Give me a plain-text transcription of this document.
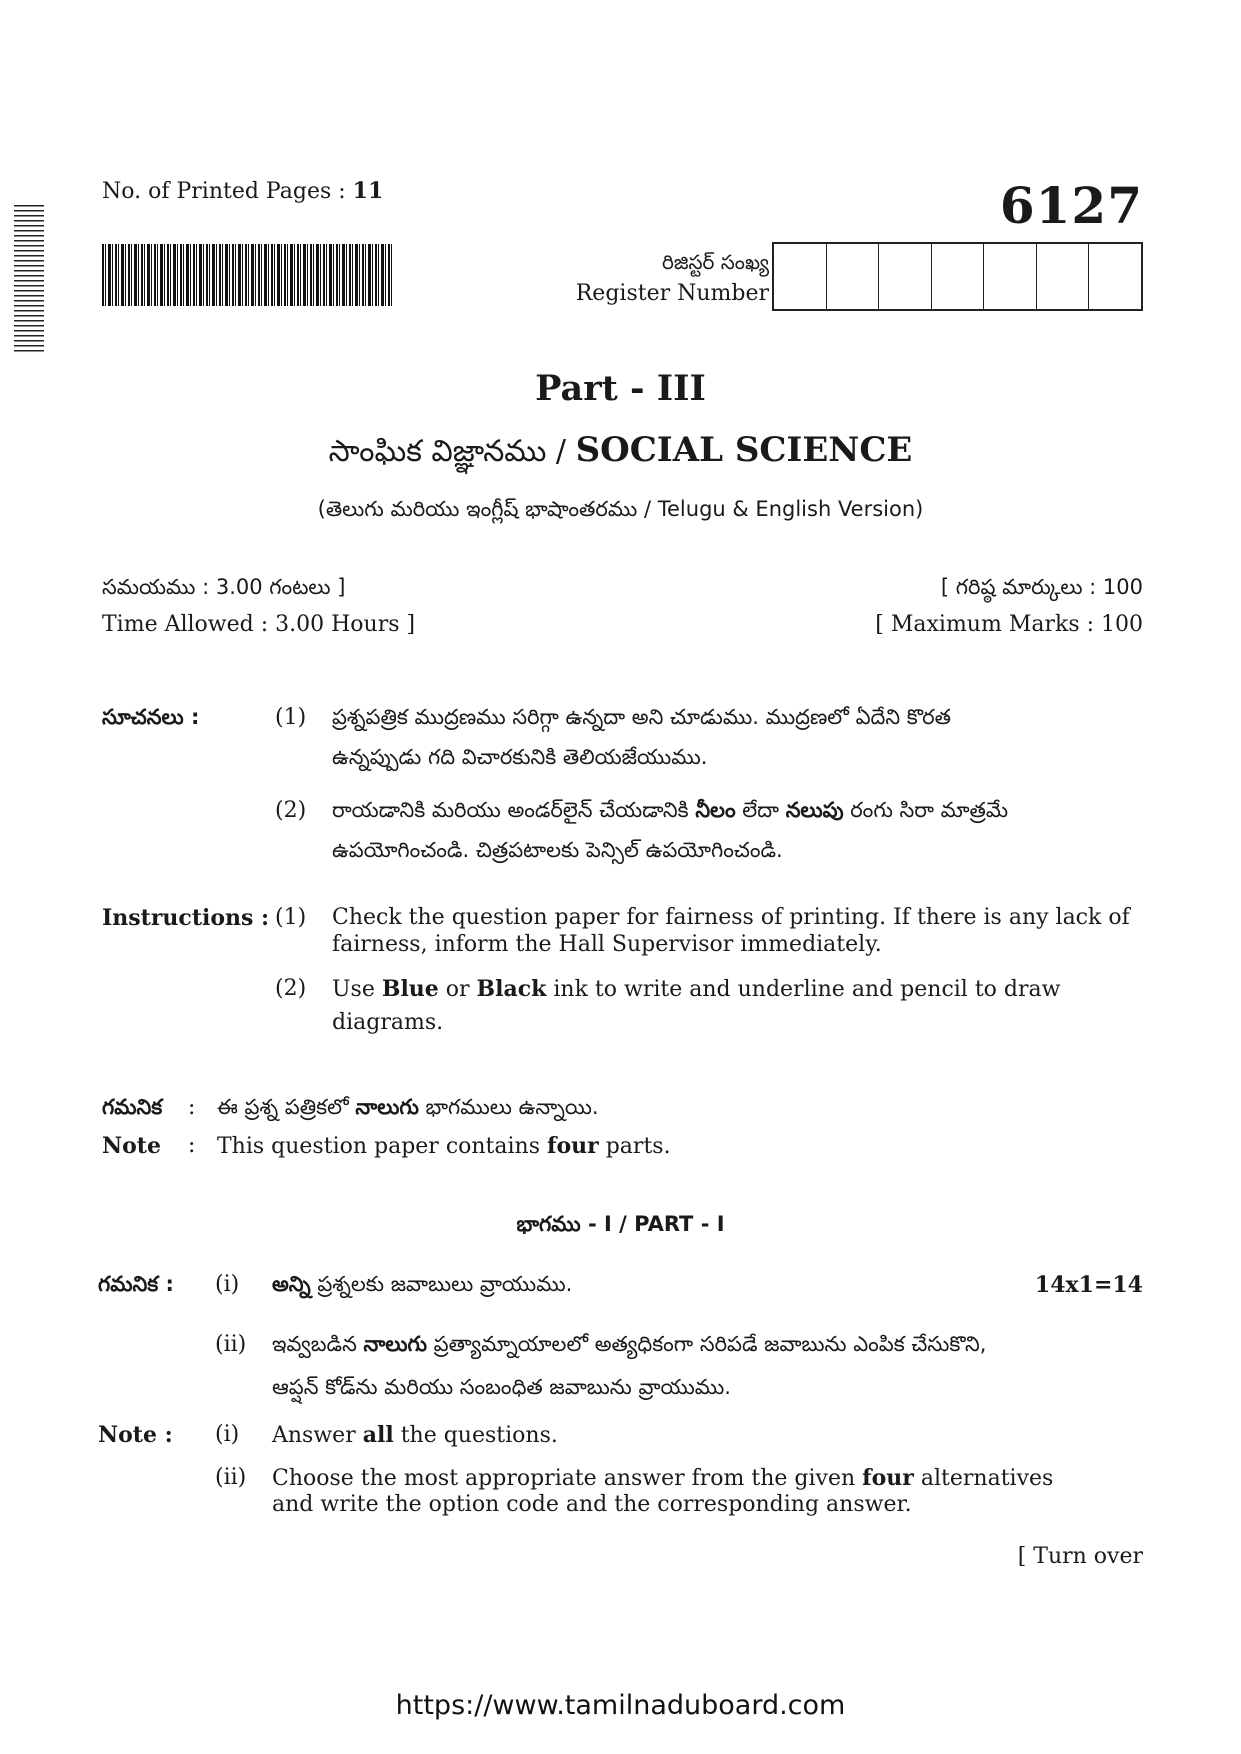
No. of Printed Pages : 11	6127
రిజిస్టర్ సంఖ్య
Register Number
Part - III
సాంఘిక విజ్ఞానము / SOCIAL SCIENCE
(తెలుగు మరియు ఇంగ్లీష్ భాషాంతరము / Telugu & English Version)
సమయము : 3.00 గంటలు ]
Time Allowed : 3.00 Hours ]
[ గరిష్ఠ మార్కులు : 100
[ Maximum Marks : 100
సూచనలు :	(1) ప్రశ్నపత్రిక ముద్రణము సరిగ్గా ఉన్నదా అని చూడుము. ముద్రణలో ఏదేని కొరత
ఉన్నప్పుడు గది విచారకునికి తెలియజేయుము.
(2) రాయడానికి మరియు అండర్‌లైన్ చేయడానికి నీలం లేదా నలుపు రంగు సిరా మాత్రమే
ఉపయోగించండి. చిత్రపటాలకు పెన్సిల్ ఉపయోగించండి.
Instructions : (1) Check the question paper for fairness of printing. If there is any lack of
fairness, inform the Hall Supervisor immediately.
(2) Use Blue or Black ink to write and underline and pencil to draw
diagrams.
గమనిక : ఈ ప్రశ్న పత్రికలో నాలుగు భాగములు ఉన్నాయి.
Note : This question paper contains four parts.
భాగము - I / PART - I
గమనిక : (i) అన్ని ప్రశ్నలకు జవాబులు వ్రాయుము.	14x1=14
(ii) ఇవ్వబడిన నాలుగు ప్రత్యామ్నాయాలలో అత్యధికంగా సరిపడే జవాబును ఎంపిక చేసుకొని,
ఆప్షన్ కోడ్‌ను మరియు సంబంధిత జవాబును వ్రాయుము.
Note : (i) Answer all the questions.
(ii) Choose the most appropriate answer from the given four alternatives
and write the option code and the corresponding answer.
[ Turn over
https://www.tamilnaduboard.com
